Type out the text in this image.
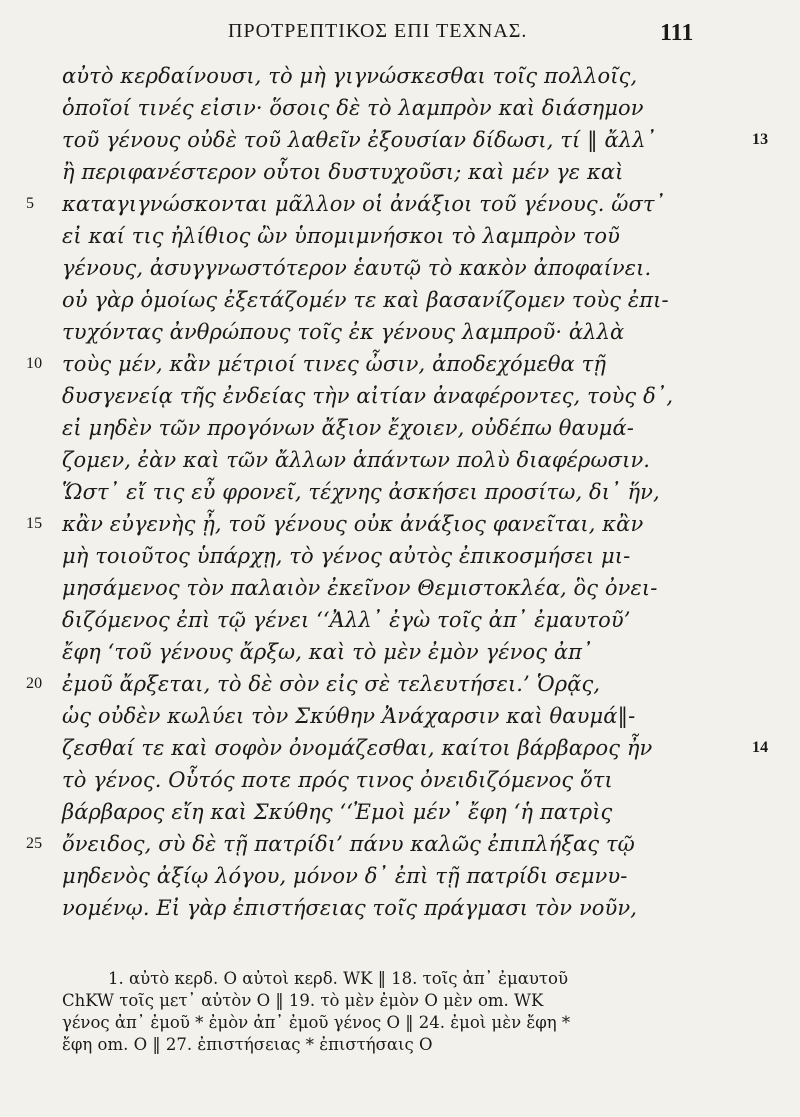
ΠΡΟΤΡΕΠΤΙΚΟΣ ΕΠΙ ΤΕΧΝΑΣ.	111
αὐτὸ κερδαίνουσι, τὸ μὴ γιγνώσκεσθαι τοῖς πολλοῖς,
ὁποῖοί τινές εἰσιν· ὅσοις δὲ τὸ λαμπρὸν καὶ διάσημον
τοῦ γένους οὐδὲ τοῦ λαθεῖν ἐξουσίαν δίδωσι, τί ‖ ἄλλ᾽	13
ἢ περιφανέστερον οὗτοι δυστυχοῦσι; καὶ μέν γε καὶ
5 καταγιγνώσκονται μᾶλλον οἱ ἀνάξιοι τοῦ γένους. ὥστ᾽
εἰ καί τις ἠλίθιος ὢν ὑπομιμνήσκοι τὸ λαμπρὸν τοῦ
γένους, ἀσυγγνωστότερον ἑαυτῷ τὸ κακὸν ἀποφαίνει.
οὐ γὰρ ὁμοίως ἐξετάζομέν τε καὶ βασανίζομεν τοὺς ἐπι-
τυχόντας ἀνθρώπους τοῖς ἐκ γένους λαμπροῦ· ἀλλὰ
10 τοὺς μέν, κἂν μέτριοί τινες ὦσιν, ἀποδεχόμεθα τῇ
δυσγενείᾳ τῆς ἐνδείας τὴν αἰτίαν ἀναφέροντες, τοὺς δ᾽,
εἰ μηδὲν τῶν προγόνων ἄξιον ἔχοιεν, οὐδέπω θαυμά-
ζομεν, ἐὰν καὶ τῶν ἄλλων ἁπάντων πολὺ διαφέρωσιν.
Ὥστ᾽ εἴ τις εὖ φρονεῖ, τέχνης ἀσκήσει προσίτω, δι᾽ ἥν,
15 κἂν εὐγενὴς ᾖ, τοῦ γένους οὐκ ἀνάξιος φανεῖται, κἂν
μὴ τοιοῦτος ὑπάρχῃ, τὸ γένος αὐτὸς ἐπικοσμήσει μι-
μησάμενος τὸν παλαιὸν ἐκεῖνον Θεμιστοκλέα, ὃς ὀνει-
διζόμενος ἐπὶ τῷ γένει ‘‘Ἀλλ᾽ ἐγὼ τοῖς ἀπ᾽ ἐμαυτοῦ’
ἔφη ‘τοῦ γένους ἄρξω, καὶ τὸ μὲν ἐμὸν γένος ἀπ᾽
20 ἐμοῦ ἄρξεται, τὸ δὲ σὸν εἰς σὲ τελευτήσει.’ Ὁρᾷς,
ὡς οὐδὲν κωλύει τὸν Σκύθην Ἀνάχαρσιν καὶ θαυμά‖-
ζεσθαί τε καὶ σοφὸν ὀνομάζεσθαι, καίτοι βάρβαρος ἦν	14
τὸ γένος. Οὗτός ποτε πρός τινος ὀνειδιζόμενος ὅτι
βάρβαρος εἴη καὶ Σκύθης ‘‘Ἐμοὶ μέν᾽ ἔφη ‘ἡ πατρὶς
25 ὄνειδος, σὺ δὲ τῇ πατρίδι’ πάνυ καλῶς ἐπιπλήξας τῷ
μηδενὸς ἀξίῳ λόγου, μόνον δ᾽ ἐπὶ τῇ πατρίδι σεμνυ-
νομένῳ. Εἰ γὰρ ἐπιστήσειας τοῖς πράγμασι τὸν νοῦν,
1. αὐτὸ κερδ. O αὐτοὶ κερδ. WK ‖ 18. τοῖς ἀπ᾽ ἐμαυτοῦ
ChKW τοῖς μετ᾽ αὐτὸν O ‖ 19. τὸ μὲν ἐμὸν O μὲν om. WK
γένος ἀπ᾽ ἐμοῦ * ἐμὸν ἀπ᾽ ἐμοῦ γένος O ‖ 24. ἐμοὶ μὲν ἔφη *
ἔφη om. O ‖ 27. ἐπιστήσειας * ἐπιστήσαις O
